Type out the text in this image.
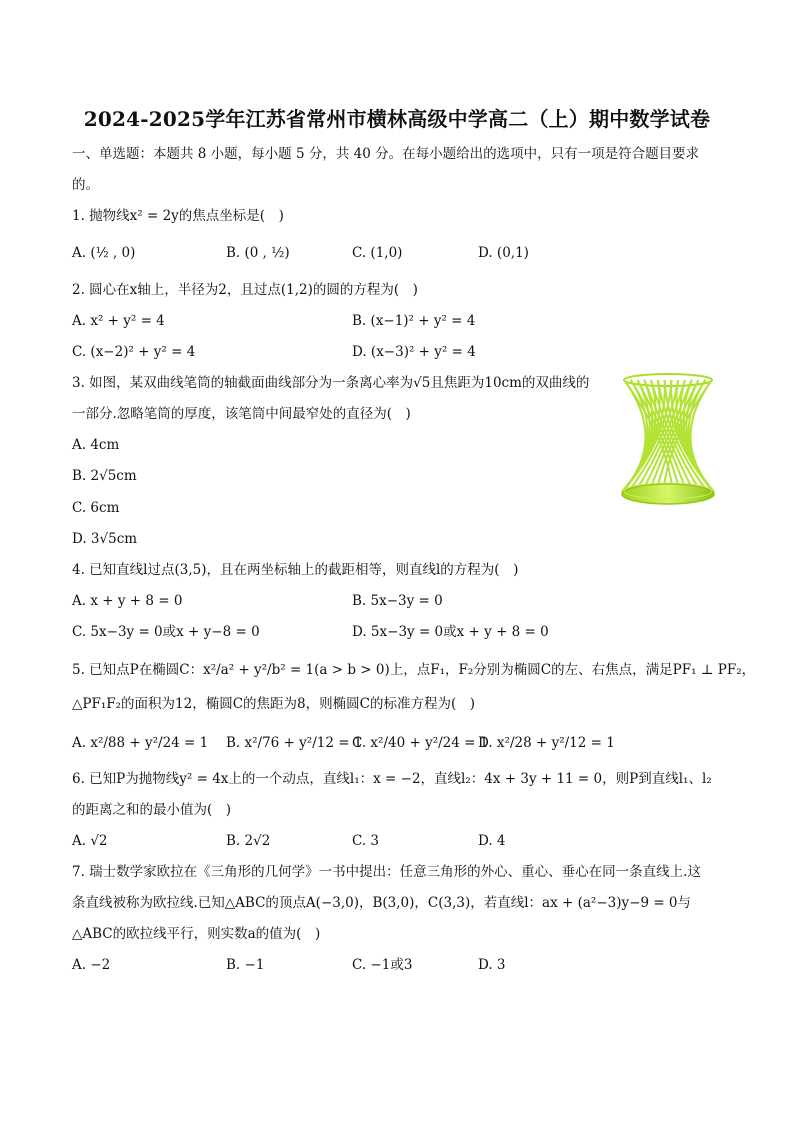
2024-2025学年江苏省常州市横林高级中学高二（上）期中数学试卷
一、单选题：本题共 8 小题，每小题 5 分，共 40 分。在每小题给出的选项中，只有一项是符合题目要求
的。
1. 抛物线x² = 2y的焦点坐标是(　)
A. (½ , 0)	B. (0 , ½)	C. (1,0)	D. (0,1)
2. 圆心在x轴上，半径为2，且过点(1,2)的圆的方程为(　)
A. x² + y² = 4	B. (x−1)² + y² = 4
C. (x−2)² + y² = 4	D. (x−3)² + y² = 4
3. 如图，某双曲线笔筒的轴截面曲线部分为一条离心率为√5且焦距为10cm的双曲线的
一部分.忽略笔筒的厚度，该笔筒中间最窄处的直径为(　)
A. 4cm
B. 2√5cm
C. 6cm
D. 3√5cm
4. 已知直线l过点(3,5)，且在两坐标轴上的截距相等，则直线l的方程为(　)
A. x + y + 8 = 0	B. 5x−3y = 0
C. 5x−3y = 0或x + y−8 = 0	D. 5x−3y = 0或x + y + 8 = 0
5. 已知点P在椭圆C：x²/a² + y²/b² = 1(a > b > 0)上，点F₁，F₂分别为椭圆C的左、右焦点，满足PF₁ ⊥ PF₂，
△PF₁F₂的面积为12，椭圆C的焦距为8，则椭圆C的标准方程为(　)
A. x²/88 + y²/24 = 1 B. x²/76 + y²/12 = 1
C. x²/40 + y²/24 = 1
D. x²/28 + y²/12 = 1
6. 已知P为抛物线y² = 4x上的一个动点，直线l₁：x = −2，直线l₂：4x + 3y + 11 = 0，则P到直线l₁、l₂
的距离之和的最小值为(　)
A. √2	B. 2√2	C. 3	D. 4
7. 瑞士数学家欧拉在《三角形的几何学》一书中提出：任意三角形的外心、重心、垂心在同一条直线上.这
条直线被称为欧拉线.已知△ABC的顶点A(−3,0)，B(3,0)，C(3,3)，若直线l：ax + (a²−3)y−9 = 0与
△ABC的欧拉线平行，则实数a的值为(　)
A. −2	B. −1	C. −1或3	D. 3
